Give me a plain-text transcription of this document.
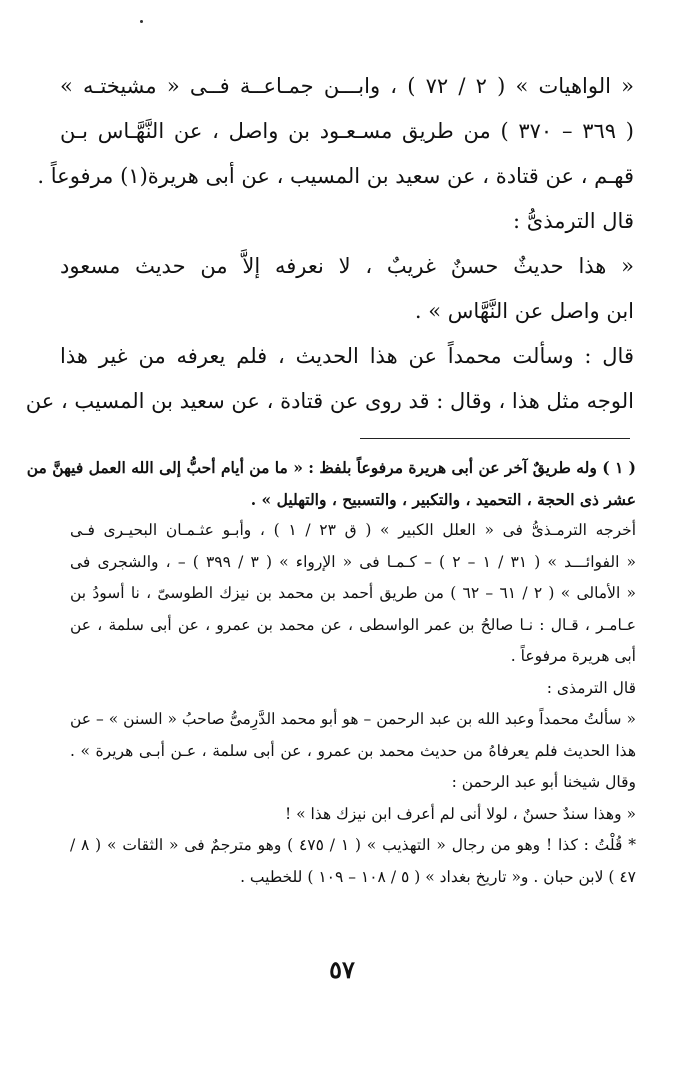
« الواهيات » ( ٢ / ٧٢ ) ، وابـــن جمـاعــة فــى « مشيختـه »
( ٣٦٩ – ٣٧٠ ) من طريق مسـعـود بن واصل ، عن النَّهَّـاس بـن
قهـم ، عن قتادة ، عن سعيد بن المسيب ، عن أبى هريرة(١) مرفوعاً .
قال الترمذىُّ :
« هذا حديثٌ حسنٌ غريبٌ ، لا نعرفه إلاَّ من حديث مسعود
ابن واصل عن النَّهَّاس » .
قال : وسألت محمداً عن هذا الحديث ، فلم يعرفه من غير هذا
الوجه مثل هذا ، وقال : قد روى عن قتادة ، عن سعيد بن المسيب ، عن
( ١ ) وله طريقٌ آخر عن أبى هريرة مرفوعاً بلفظ : « ما من أيام أحبُّ إلى الله العمل فيهنَّ من
عشر ذى الحجة ، التحميد ، والتكبير ، والتسبيح ، والتهليل » .
أخرجه الترمـذىُّ فى « العلل الكبير » ( ق ٢٣ / ١ ) ، وأبـو عثـمـان البحيـرى فـى
« الفوائـــد » ( ٣١ / ١ – ٢ ) – كـمـا فى « الإرواء » ( ٣ / ٣٩٩ ) – ، والشجرى فى
« الأمالى » ( ٢ / ٦١ – ٦٢ ) من طريق أحمد بن محمد بن نيزك الطوسىّ ، نا أسودُ بن
عـامـر ، قـال : نـا صالحُ بن عمر الواسطى ، عن محمد بن عمرو ، عن أبى سلمة ، عن
أبى هريرة مرفوعاً .
قال الترمذى :
« سألتُ محمداً وعبد الله بن عبد الرحمن – هو أبو محمد الدَّرِمىُّ صاحبُ « السنن » – عن
هذا الحديث فلم يعرفاهُ من حديث محمد بن عمرو ، عن أبى سلمة ، عـن أبـى هريرة » .
وقال شيخنا أبو عبد الرحمن :
« وهذا سندٌ حسنٌ ، لولا أنى لم أعرف ابن نيزك هذا » !
* قُلْتُ : كذا ! وهو من رجال « التهذيب » ( ١ / ٤٧٥ ) وهو مترجمٌ فى « الثقات » ( ٨ /
٤٧ ) لابن حبان . و« تاريخ بغداد » ( ٥ / ١٠٨ – ١٠٩ ) للخطيب .
٥٧
